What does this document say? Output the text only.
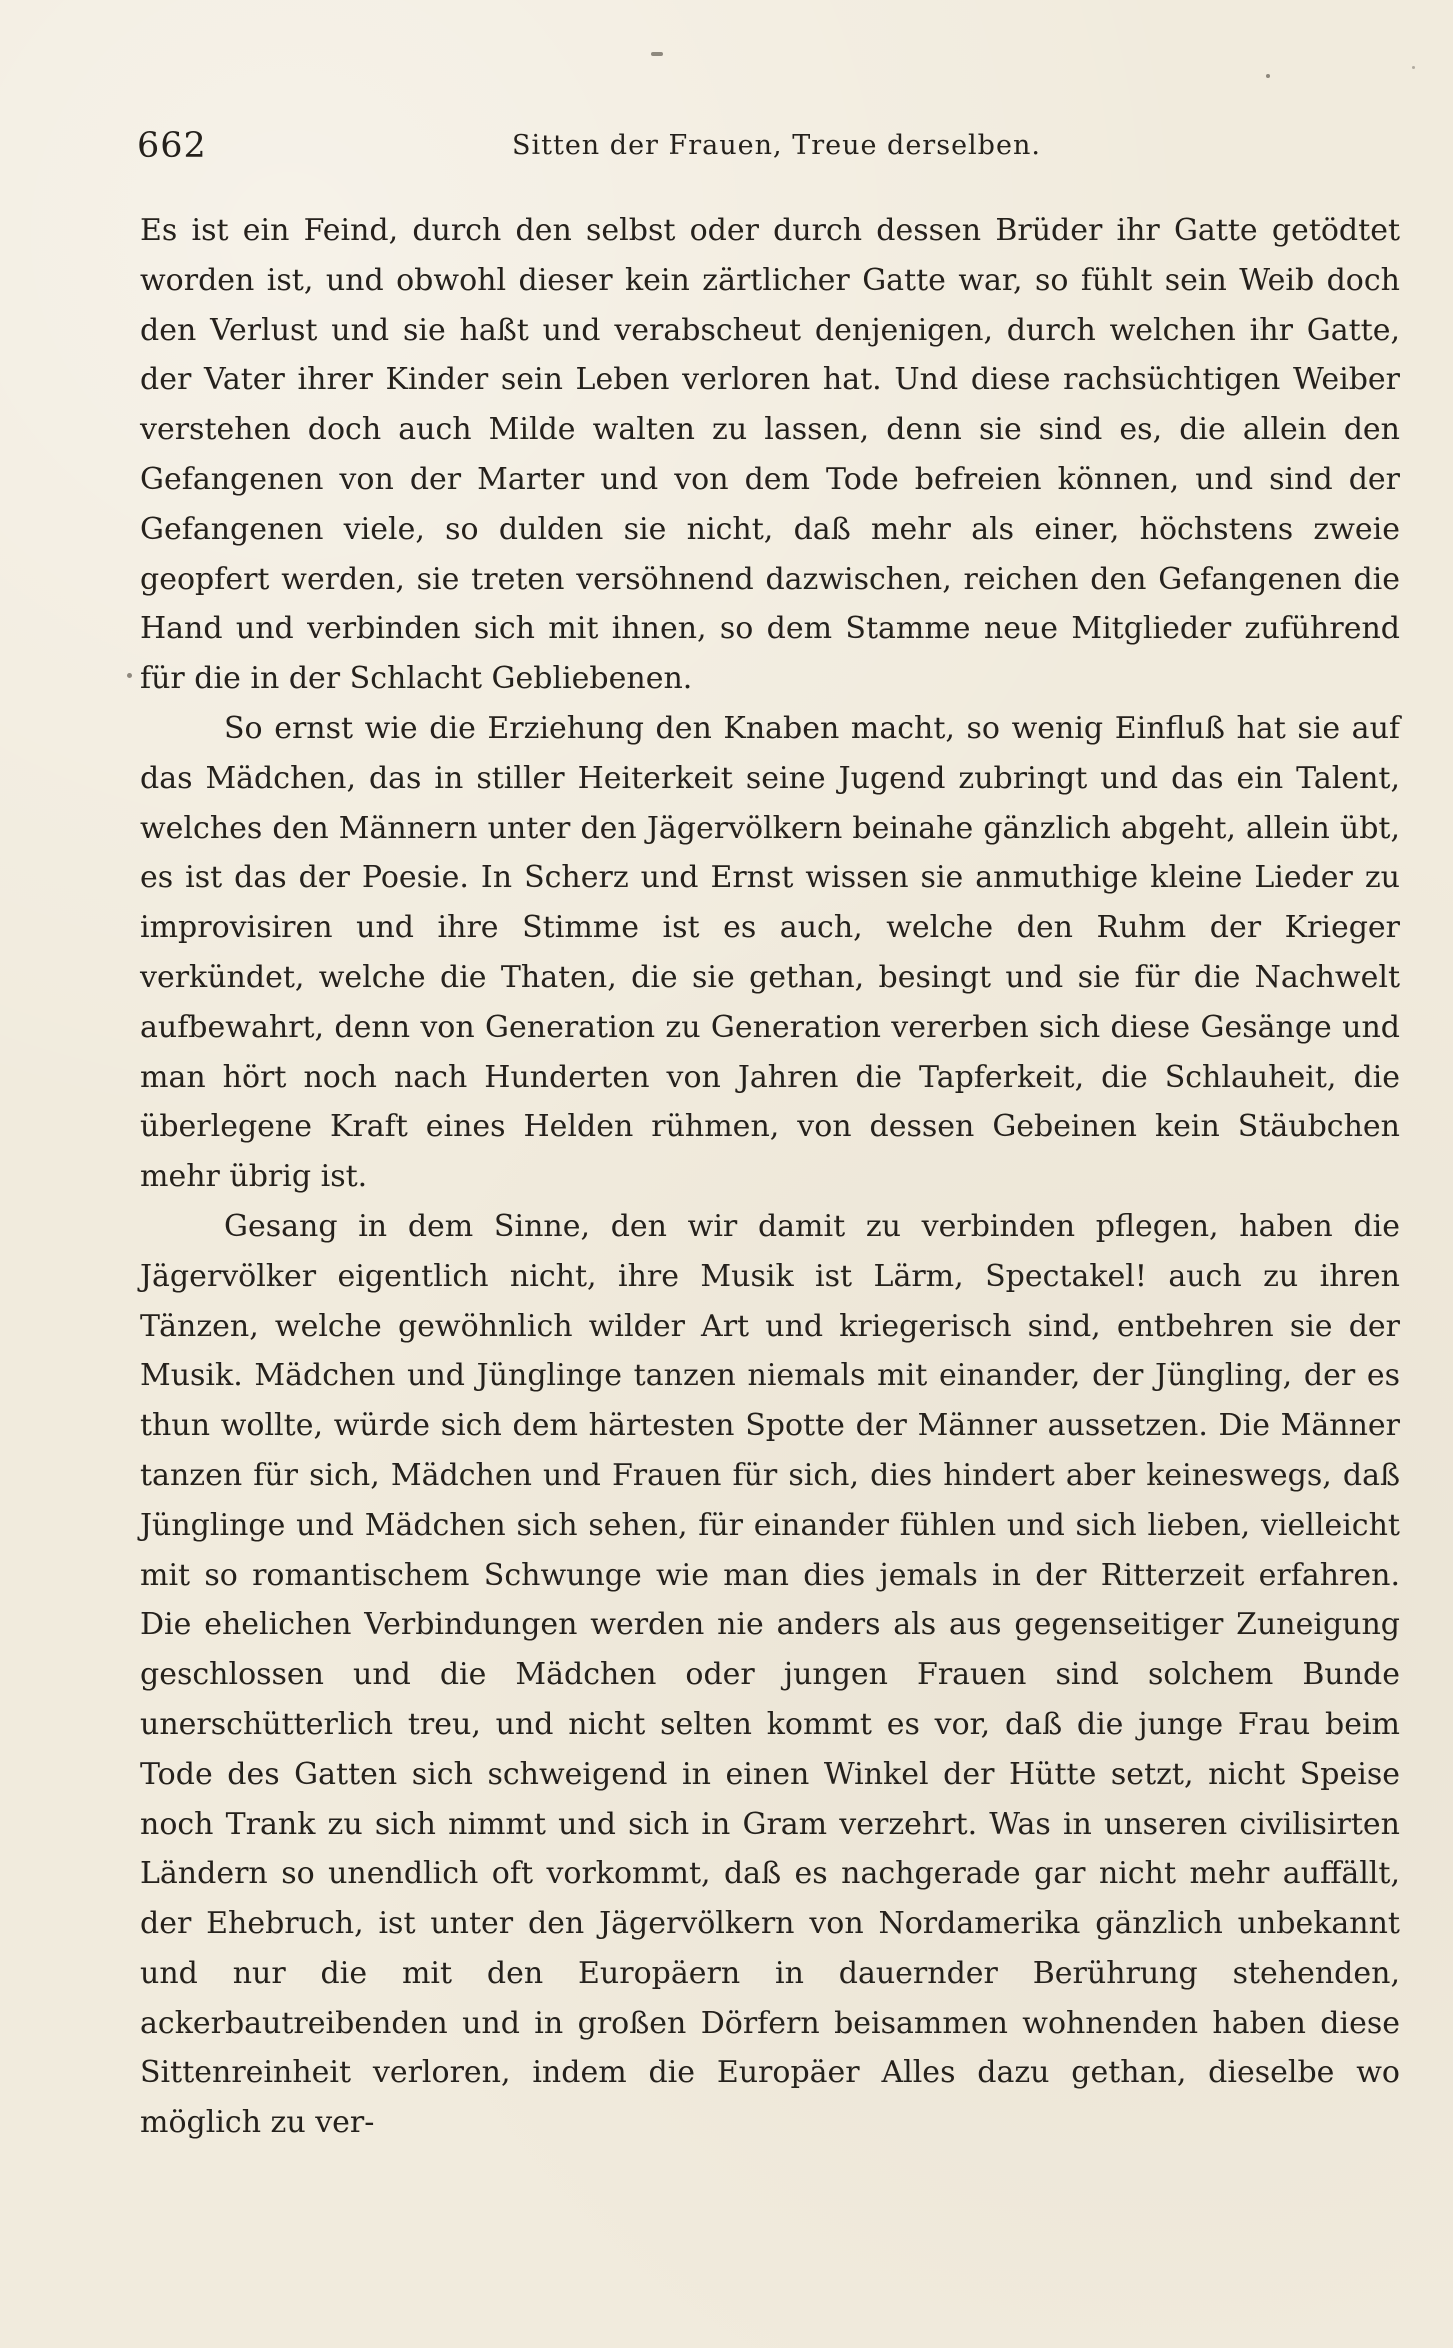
662	Sitten der Frauen, Treue derselben.

Es ist ein Feind, durch den selbst oder durch dessen Brüder ihr Gatte getödtet worden ist, und obwohl dieser kein zärtlicher Gatte war, so fühlt sein Weib doch den Verlust und sie haßt und verabscheut denjenigen, durch welchen ihr Gatte, der Vater ihrer Kinder sein Leben verloren hat. Und diese rachsüchtigen Weiber verstehen doch auch Milde walten zu lassen, denn sie sind es, die allein den Gefangenen von der Marter und von dem Tode befreien können, und sind der Gefangenen viele, so dulden sie nicht, daß mehr als einer, höchstens zweie geopfert werden, sie treten versöhnend dazwischen, reichen den Gefangenen die Hand und verbinden sich mit ihnen, so dem Stamme neue Mitglieder zuführend für die in der Schlacht Gebliebenen.

So ernst wie die Erziehung den Knaben macht, so wenig Einfluß hat sie auf das Mädchen, das in stiller Heiterkeit seine Jugend zubringt und das ein Talent, welches den Männern unter den Jägervölkern beinahe gänzlich abgeht, allein übt, es ist das der Poesie. In Scherz und Ernst wissen sie anmuthige kleine Lieder zu improvisiren und ihre Stimme ist es auch, welche den Ruhm der Krieger verkündet, welche die Thaten, die sie gethan, besingt und sie für die Nachwelt aufbewahrt, denn von Generation zu Generation vererben sich diese Gesänge und man hört noch nach Hunderten von Jahren die Tapferkeit, die Schlauheit, die überlegene Kraft eines Helden rühmen, von dessen Gebeinen kein Stäubchen mehr übrig ist.

Gesang in dem Sinne, den wir damit zu verbinden pflegen, haben die Jägervölker eigentlich nicht, ihre Musik ist Lärm, Spectakel! auch zu ihren Tänzen, welche gewöhnlich wilder Art und kriegerisch sind, entbehren sie der Musik. Mädchen und Jünglinge tanzen niemals mit einander, der Jüngling, der es thun wollte, würde sich dem härtesten Spotte der Männer aussetzen. Die Männer tanzen für sich, Mädchen und Frauen für sich, dies hindert aber keineswegs, daß Jünglinge und Mädchen sich sehen, für einander fühlen und sich lieben, vielleicht mit so romantischem Schwunge wie man dies jemals in der Ritterzeit erfahren. Die ehelichen Verbindungen werden nie anders als aus gegenseitiger Zuneigung geschlossen und die Mädchen oder jungen Frauen sind solchem Bunde unerschütterlich treu, und nicht selten kommt es vor, daß die junge Frau beim Tode des Gatten sich schweigend in einen Winkel der Hütte setzt, nicht Speise noch Trank zu sich nimmt und sich in Gram verzehrt. Was in unseren civilisirten Ländern so unendlich oft vorkommt, daß es nachgerade gar nicht mehr auffällt, der Ehebruch, ist unter den Jägervölkern von Nordamerika gänzlich unbekannt und nur die mit den Europäern in dauernder Berührung stehenden, ackerbautreibenden und in großen Dörfern beisammen wohnenden haben diese Sittenreinheit verloren, indem die Europäer Alles dazu gethan, dieselbe wo möglich zu ver-
